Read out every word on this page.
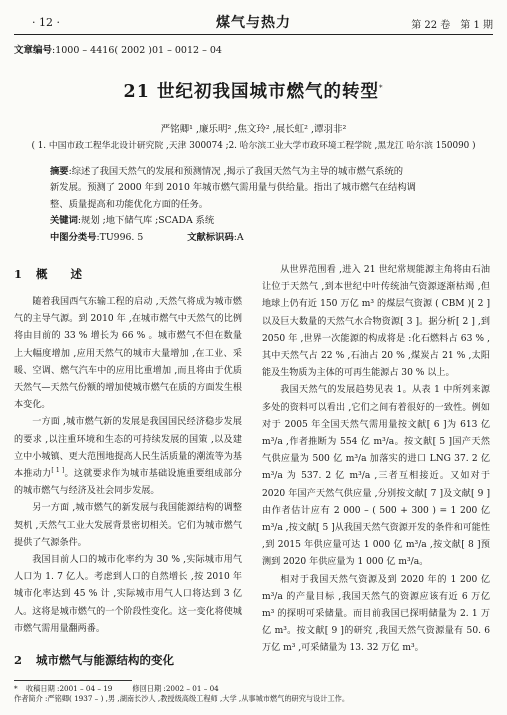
· 12 ·	煤气与热力	第 22 卷　第 1 期
文章编号:1000 – 4416( 2002 )01 – 0012 – 04
21 世纪初我国城市燃气的转型*
严铭卿¹ ,廉乐明² ,焦文玲² ,展长虹² ,谭羽非²
( 1. 中国市政工程华北设计研究院 ,天津 300074 ;2. 哈尔滨工业大学市政环境工程学院 ,黑龙江 哈尔滨 150090 )
摘要:综述了我国天然气的发展和预测情况 ,揭示了我国天然气为主导的城市燃气系统的
新发展。预测了 2000 年到 2010 年城市燃气需用量与供给量。指出了城市燃气在结构调
整、质量提高和功能优化方面的任务。
关键词:规划 ;地下储气库 ;SCADA 系统
中图分类号:TU996. 5	文献标识码:A
1 概　　述

随着我国西气东输工程的启动 ,天然气将成为城市燃气的主导气源。到 2010 年 ,在城市燃气中天然气的比例将由目前的 33 % 增长为 66 % 。城市燃气不但在数量上大幅度增加 ,应用天然气的城市大量增加 ,在工业、采暖、空调、燃气汽车中的应用比重增加 ,而且将由于优质天然气—天然气份额的增加使城市燃气在质的方面发生根本变化。

一方面 ,城市燃气新的发展是我国国民经济稳步发展的要求 ,以注重环境和生态的可持续发展的国策 ,以及建立中小城镇、更大范围地提高人民生活质量的潮流等为基本推动力[ 1 ]。这就要求作为城市基础设施重要组成部分的城市燃气与经济及社会同步发展。

另一方面 ,城市燃气的新发展与我国能源结构的调整契机 ,天然气工业大发展背景密切相关。它们为城市燃气提供了气源条件。

我国目前人口的城市化率约为 30 % ,实际城市用气人口为 1. 7 亿人。考虑到人口的自然增长 ,按 2010 年城市化率达到 45 % 计 ,实际城市用气人口将达到 3 亿人。这将是城市燃气的一个阶段性变化。这一变化将使城市燃气需用量翻两番。

2 城市燃气与能源结构的变化

从世界范围看 ,进入 21 世纪常规能源主角将由石油让位于天然气 ,到本世纪中叶传统油气资源逐渐枯竭 ,但地球上仍有近 150 万亿 m³ 的煤层气资源 ( CBM )[ 2 ]以及巨大数量的天然气水合物资源[ 3 ]。据分析[ 2 ] ,到 2050 年 ,世界一次能源的构成将是 :化石燃料占 63 % ,其中天然气占 22 % ,石油占 20 % ,煤炭占 21 % ,太阳能及生物质为主体的可再生能源占 30 % 以上。

我国天然气的发展趋势见表 1。从表 1 中所列来源多处的资料可以看出 ,它们之间有着很好的一致性。例如对于 2005 年全国天然气需用量按文献[ 6 ]为 613 亿 m³/a ,作者推断为 554 亿 m³/a。按文献[ 5 ]国产天然气供应量为 500 亿 m³/a 加落实的进口 LNG 37. 2 亿 m³/a 为 537. 2 亿 m³/a ,三者互相接近。又如对于 2020 年国产天然气供应量 ,分别按文献[ 7 ]及文献[ 9 ]由作者估计应有 2 000 – ( 500 + 300 ) = 1 200 亿 m³/a ,按文献[ 5 ]从我国天然气资源开发的条件和可能性 ,到 2015 年供应量可达 1 000 亿 m³/a ,按文献[ 8 ]预测到 2020 年供应量为 1 000 亿 m³/a。

相对于我国天然气资源及到 2020 年的 1 200 亿 m³/a 的产量目标 ,我国天然气的资源应该有近 6 万亿 m³ 的探明可采储量。而目前我国已探明储量为 2. 1 万亿 m³。按文献[ 9 ]的研究 ,我国天然气资源量有 50. 6 万亿 m³ ,可采储量为 13. 32 万亿 m³。

* 收稿日期 :2001 – 04 – 19	修回日期 :2002 – 01 – 04
作者简介 :严铭卿( 1937 – ) ,男 ,湖南长沙人 ,教授级高级工程师 ,大学 ,从事城市燃气的研究与设计工作。
